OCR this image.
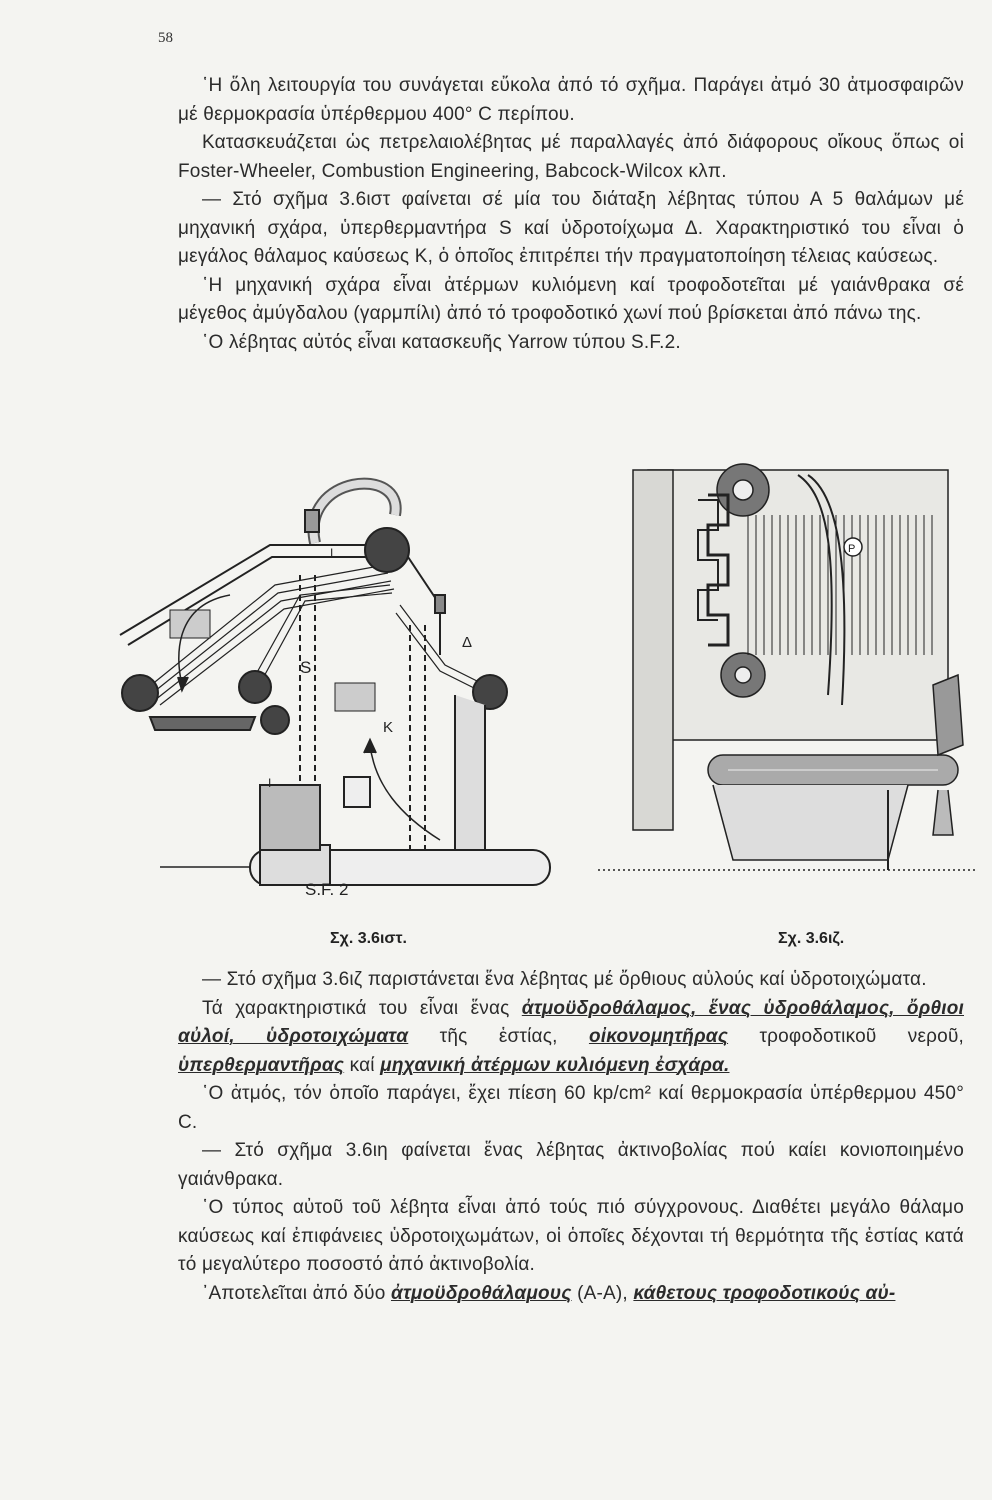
58

῾Η ὅλη λειτουργία του συνάγεται εὔκολα ἀπό τό σχῆμα. Παράγει ἀτμό 30 ἀτμοσφαιρῶν μέ θερμοκρασία ὑπέρθερμου 400° C περίπου.

Κατασκευάζεται ὡς πετρελαιολέβητας μέ παραλλαγές ἀπό διάφορους οἴκους ὅπως οἱ Foster-Wheeler, Combustion Engineering, Babcock-Wilcox κλπ.

— Στό σχῆμα 3.6ιστ φαίνεται σέ μία του διάταξη λέβητας τύπου Α 5 θαλάμων μέ μηχανική σχάρα, ὑπερθερμαντήρα S καί ὑδροτοίχωμα Δ. Χαρακτηριστικό του εἶναι ὁ μεγάλος θάλαμος καύσεως Κ, ὁ ὁποῖος ἐπιτρέπει τήν πραγματοποίηση τέλειας καύσεως.

῾Η μηχανική σχάρα εἶναι ἀτέρμων κυλιόμενη καί τροφοδοτεῖται μέ γαιάνθρακα σέ μέγεθος ἀμύγδαλου (γαρμπίλι) ἀπό τό τροφοδοτικό χωνί πού βρίσκεται ἀπό πάνω της.

῾Ο λέβητας αὐτός εἶναι κατασκευῆς Yarrow τύπου S.F.2.

I
S
Δ
Κ
I
S.F. 2
P
Σχ. 3.6ιστ.	Σχ. 3.6ιζ.

— Στό σχῆμα 3.6ιζ παριστάνεται ἕνα λέβητας μέ ὄρθιους αὐλούς καί ὑδροτοιχώματα.

Τά χαρακτηριστικά του εἶναι ἕνας ἀτμοϋδροθάλαμος, ἕνας ὑδροθάλαμος, ὄρθιοι αὐλοί, ὑδροτοιχώματα τῆς ἑστίας, οἰκονομητῆρας τροφοδοτικοῦ νεροῦ, ὑπερθερμαντῆρας καί μηχανική ἀτέρμων κυλιόμενη ἐσχάρα.

῾Ο ἀτμός, τόν ὁποῖο παράγει, ἔχει πίεση 60 kp/cm² καί θερμοκρασία ὑπέρθερμου 450° C.

— Στό σχῆμα 3.6ιη φαίνεται ἕνας λέβητας ἀκτινοβολίας πού καίει κονιοποιημένο γαιάνθρακα.

῾Ο τύπος αὐτοῦ τοῦ λέβητα εἶναι ἀπό τούς πιό σύγχρονους. Διαθέτει μεγάλο θάλαμο καύσεως καί ἐπιφάνειες ὑδροτοιχωμάτων, οἱ ὁποῖες δέχονται τή θερμότητα τῆς ἑστίας κατά τό μεγαλύτερο ποσοστό ἀπό ἀκτινοβολία.

᾿Αποτελεῖται ἀπό δύο ἀτμοϋδροθάλαμους (Α-Α), κάθετους τροφοδοτικούς αὐ-
